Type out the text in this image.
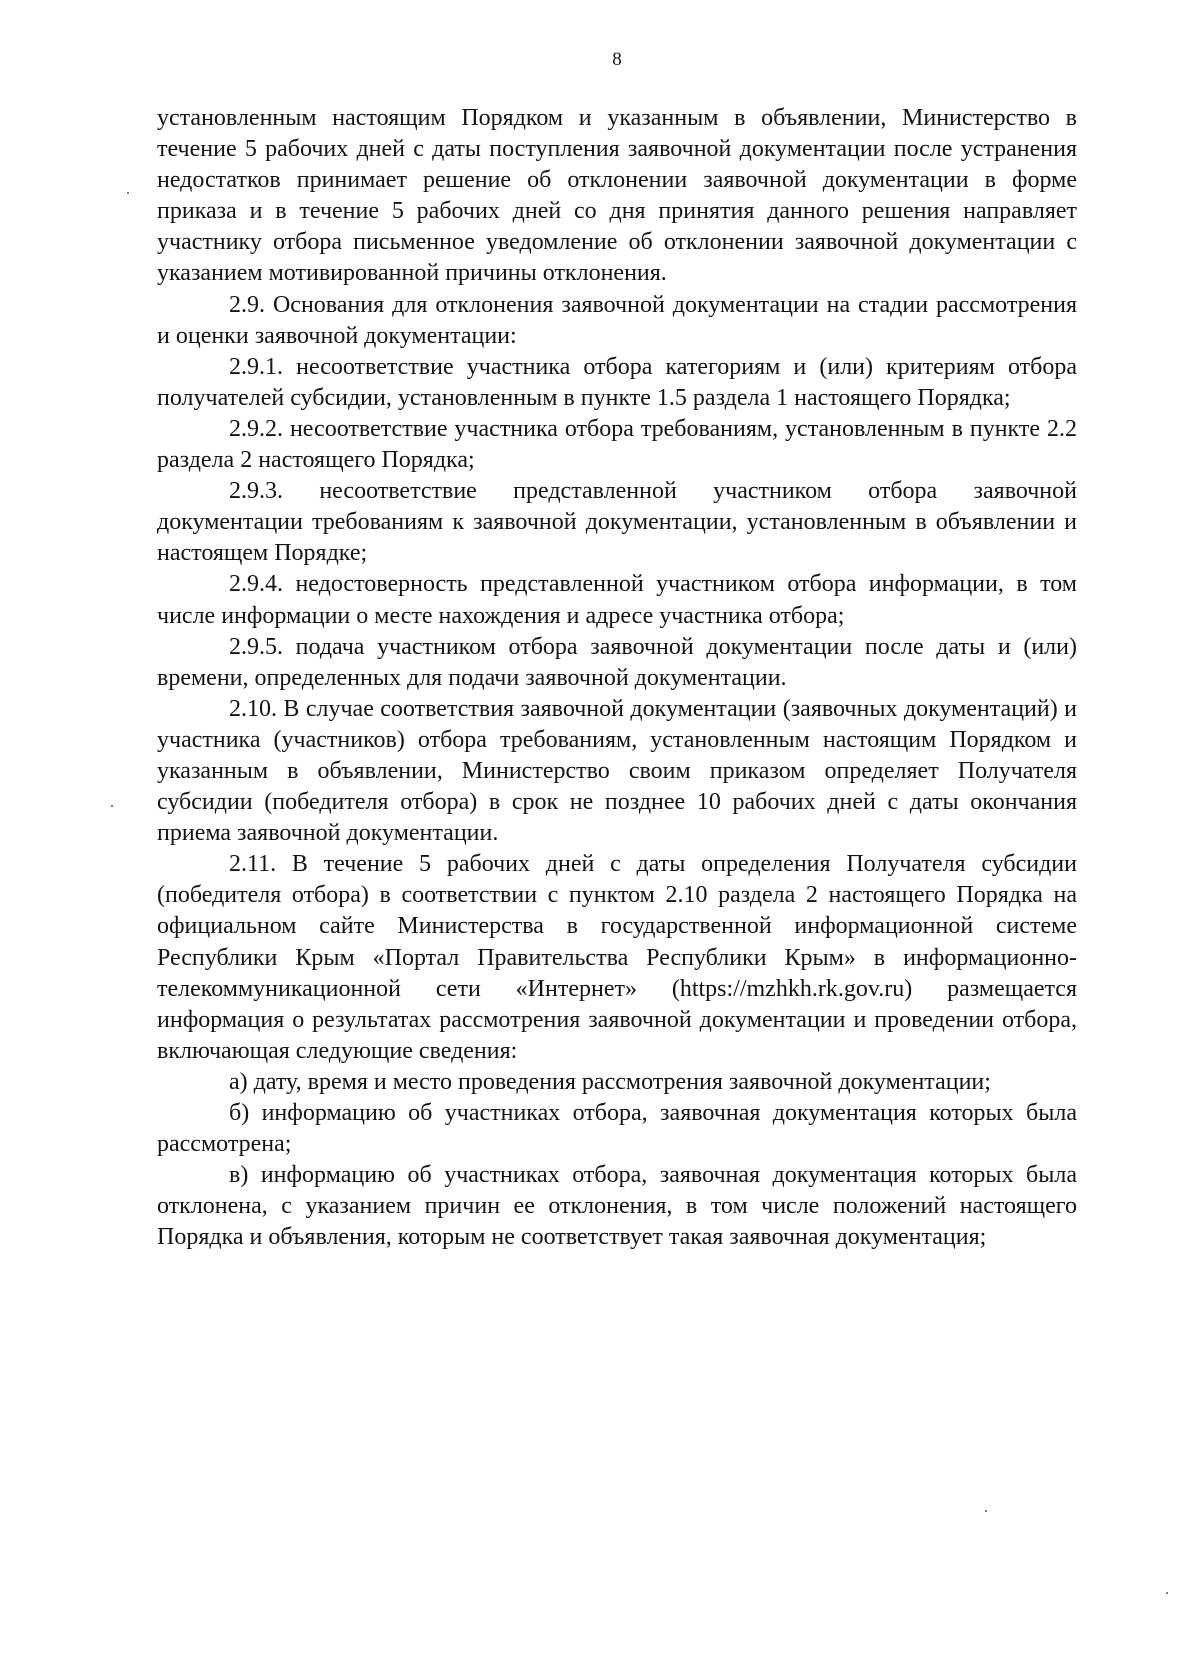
8

установленным настоящим Порядком и указанным в объявлении, Министерство в течение 5 рабочих дней с даты поступления заявочной документации после устранения недостатков принимает решение об отклонении заявочной документации в форме приказа и в течение 5 рабочих дней со дня принятия данного решения направляет участнику отбора письменное уведомление об отклонении заявочной документации с указанием мотивированной причины отклонения.

2.9. Основания для отклонения заявочной документации на стадии рассмотрения и оценки заявочной документации:

2.9.1. несоответствие участника отбора категориям и (или) критериям отбора получателей субсидии, установленным в пункте 1.5 раздела 1 настоящего Порядка;

2.9.2. несоответствие участника отбора требованиям, установленным в пункте 2.2 раздела 2 настоящего Порядка;

2.9.3. несоответствие представленной участником отбора заявочной документации требованиям к заявочной документации, установленным в объявлении и настоящем Порядке;

2.9.4. недостоверность представленной участником отбора информации, в том числе информации о месте нахождения и адресе участника отбора;

2.9.5. подача участником отбора заявочной документации после даты и (или) времени, определенных для подачи заявочной документации.

2.10. В случае соответствия заявочной документации (заявочных документаций) и участника (участников) отбора требованиям, установленным настоящим Порядком и указанным в объявлении, Министерство своим приказом определяет Получателя субсидии (победителя отбора) в срок не позднее 10 рабочих дней с даты окончания приема заявочной документации.

2.11. В течение 5 рабочих дней с даты определения Получателя субсидии (победителя отбора) в соответствии с пунктом 2.10 раздела 2 настоящего Порядка на официальном сайте Министерства в государственной информационной системе Республики Крым «Портал Правительства Республики Крым» в информационно-телекоммуникационной сети «Интернет» (https://mzhkh.rk.gov.ru) размещается информация о результатах рассмотрения заявочной документации и проведении отбора, включающая следующие сведения:

а) дату, время и место проведения рассмотрения заявочной документации;

б) информацию об участниках отбора, заявочная документация которых была рассмотрена;

в) информацию об участниках отбора, заявочная документация которых была отклонена, с указанием причин ее отклонения, в том числе положений настоящего Порядка и объявления, которым не соответствует такая заявочная документация;
